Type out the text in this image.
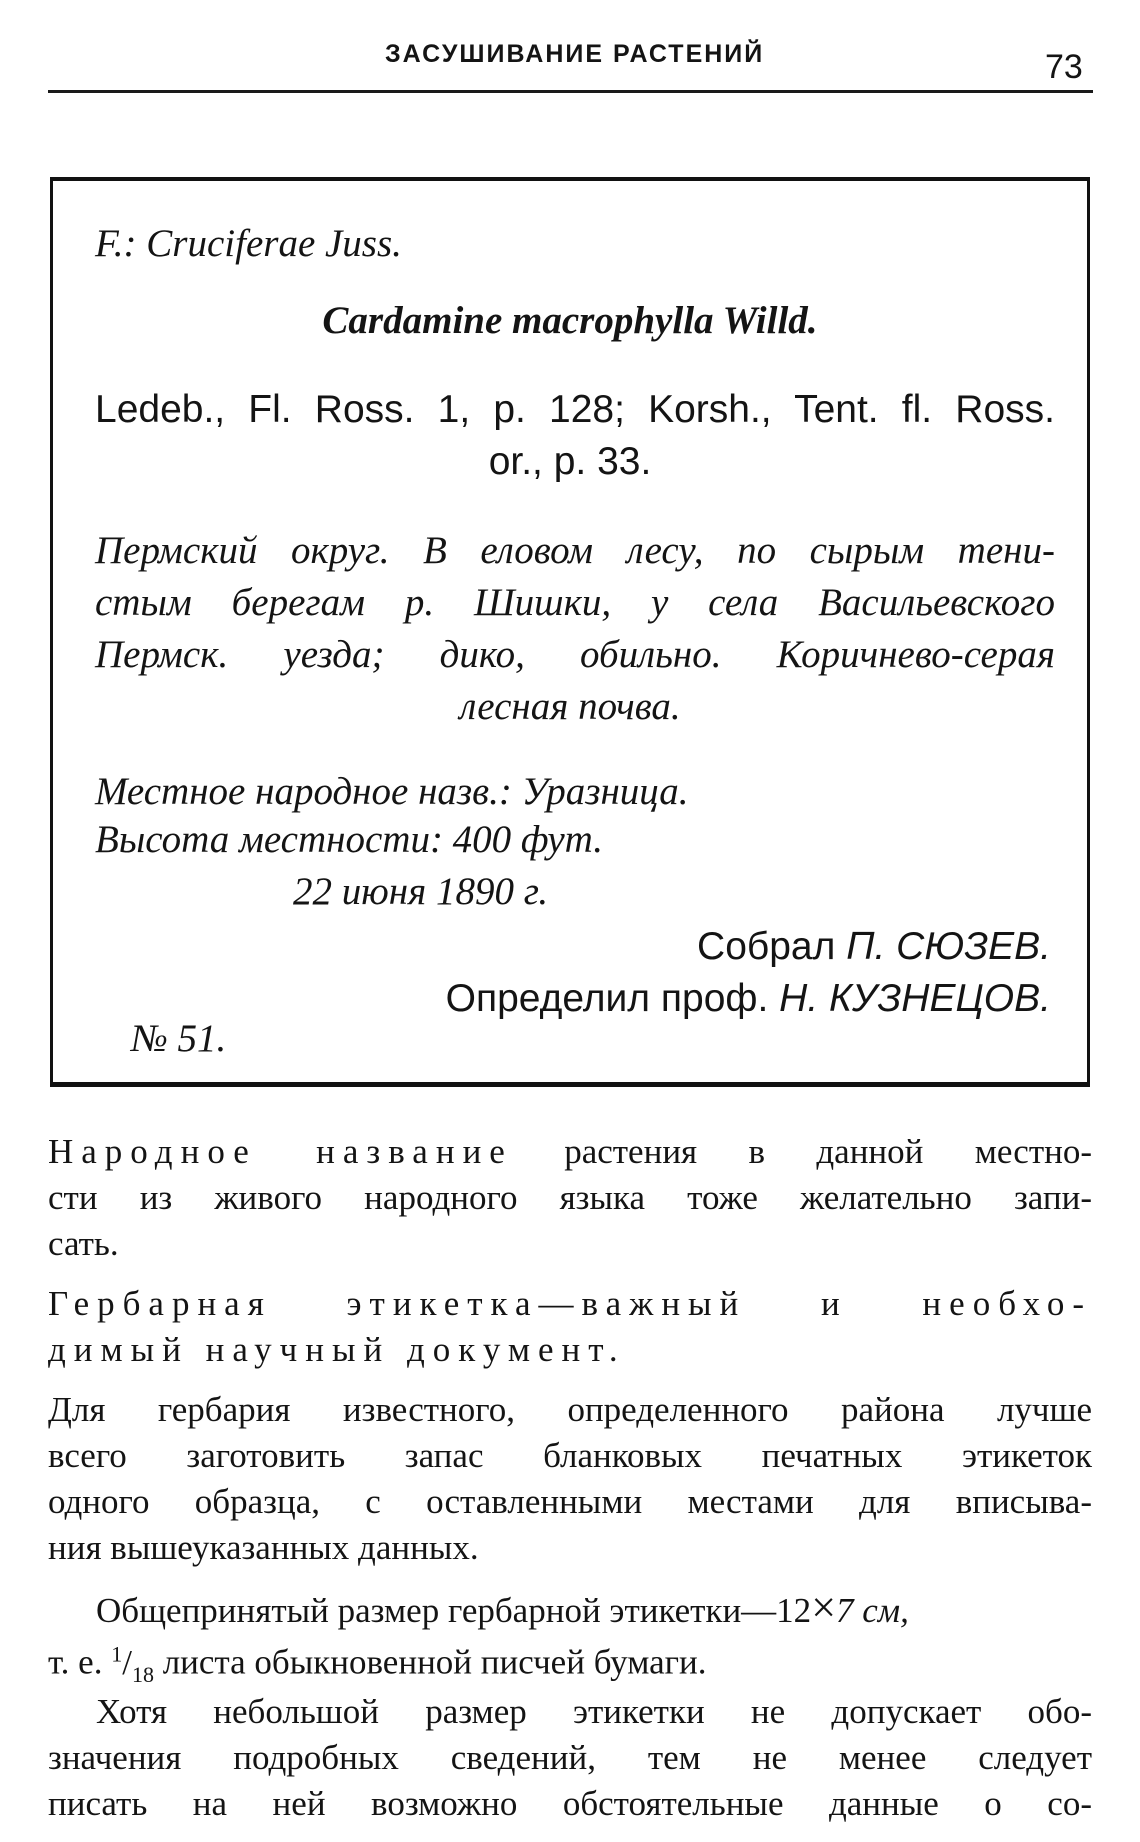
ЗАСУШИВАНИЕ РАСТЕНИЙ	73

F.: Cruciferae Juss.

Cardamine macrophylla Willd.

Ledeb., Fl. Ross. 1, p. 128; Korsh., Tent. fl. Ross.

or., p. 33.

Пермский округ. В еловом лесу, по сырым тени-

стым берегам р. Шишки, у села Васильевского

Пермск. уезда; дико, обильно. Коричнево-серая

лесная почва.

Местное народное назв.: Уразница.

Высота местности: 400 фут.

22 июня 1890 г.

Собрал П. СЮЗЕВ.

Определил проф. Н. КУЗНЕЦОВ.

№ 51.

Народное название растения в данной местно-

сти из живого народного языка тоже желательно запи-

сать.

Гербарная этикетка—важный и необхо-

димый научный документ.

Для гербария известного, определенного района лучше

всего заготовить запас бланковых печатных этикеток

одного образца, с оставленными местами для вписыва-

ния вышеуказанных данных.

Общепринятый размер гербарной этикетки—12×7 см,

т. е. $^1/_{18}$ листа обыкновенной писчей бумаги.

Хотя небольшой размер этикетки не допускает обо-

значения подробных сведений, тем не менее следует

писать на ней возможно обстоятельные данные о со-
